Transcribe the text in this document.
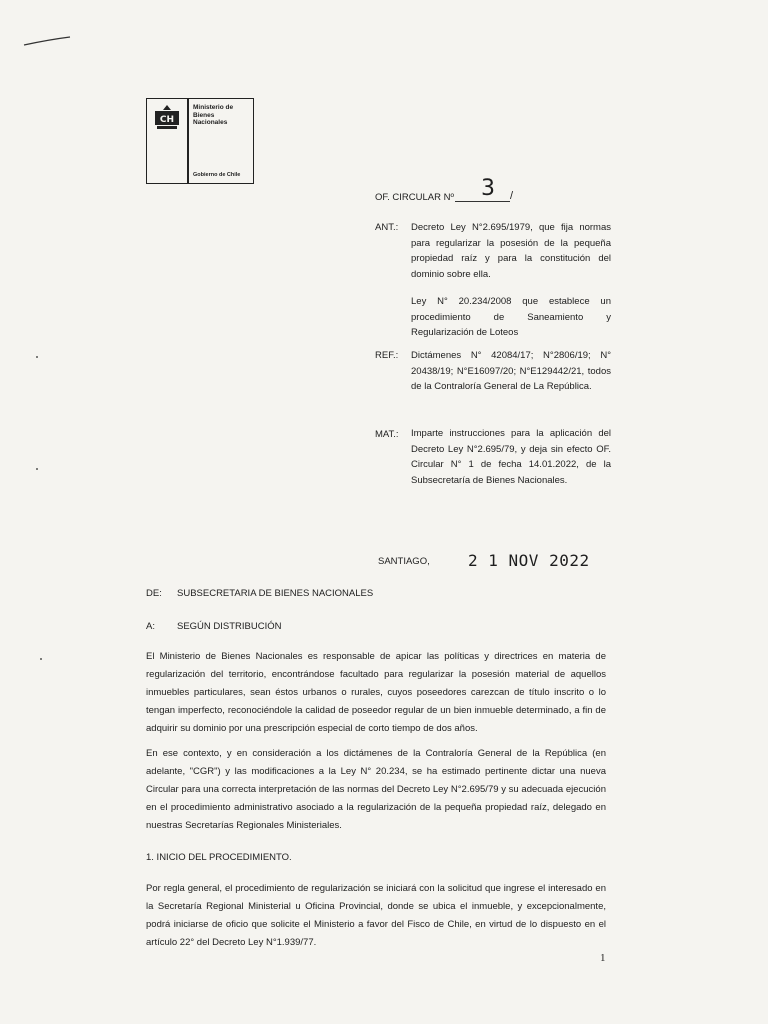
CH
Ministerio de
Bienes
Nacionales
Gobierno de Chile
OF. CIRCULAR Nº 3 /
ANT.: Decreto Ley N°2.695/1979, que fija normas para regularizar la posesión de la pequeña propiedad raíz y para la constitución del dominio sobre ella.
Ley N° 20.234/2008 que establece un procedimiento de Saneamiento y Regularización de Loteos
REF.: Dictámenes N° 42084/17; N°2806/19; N° 20438/19; N°E16097/20; N°E129442/21, todos de la Contraloría General de La República.
MAT.: Imparte instrucciones para la aplicación del Decreto Ley N°2.695/79, y deja sin efecto OF. Circular N° 1 de fecha 14.01.2022, de la Subsecretaría de Bienes Nacionales.
SANTIAGO, 2 1 NOV 2022
DE: SUBSECRETARIA DE BIENES NACIONALES
A: SEGÚN DISTRIBUCIÓN
El Ministerio de Bienes Nacionales es responsable de apicar las políticas y directrices en materia de regularización del territorio, encontrándose facultado para regularizar la posesión material de aquellos inmuebles particulares, sean éstos urbanos o rurales, cuyos poseedores carezcan de título inscrito o lo tengan imperfecto, reconociéndole la calidad de poseedor regular de un bien inmueble determinado, a fin de adquirir su dominio por una prescripción especial de corto tiempo de dos años.
En ese contexto, y en consideración a los dictámenes de la Contraloría General de la República (en adelante, "CGR") y las modificaciones a la Ley N° 20.234, se ha estimado pertinente dictar una nueva Circular para una correcta interpretación de las normas del Decreto Ley N°2.695/79 y su adecuada ejecución en el procedimiento administrativo asociado a la regularización de la pequeña propiedad raíz, delegado en nuestras Secretarías Regionales Ministeriales.
1. INICIO DEL PROCEDIMIENTO.
Por regla general, el procedimiento de regularización se iniciará con la solicitud que ingrese el interesado en la Secretaría Regional Ministerial u Oficina Provincial, donde se ubica el inmueble, y excepcionalmente, podrá iniciarse de oficio que solicite el Ministerio a favor del Fisco de Chile, en virtud de lo dispuesto en el artículo 22° del Decreto Ley N°1.939/77.
1
